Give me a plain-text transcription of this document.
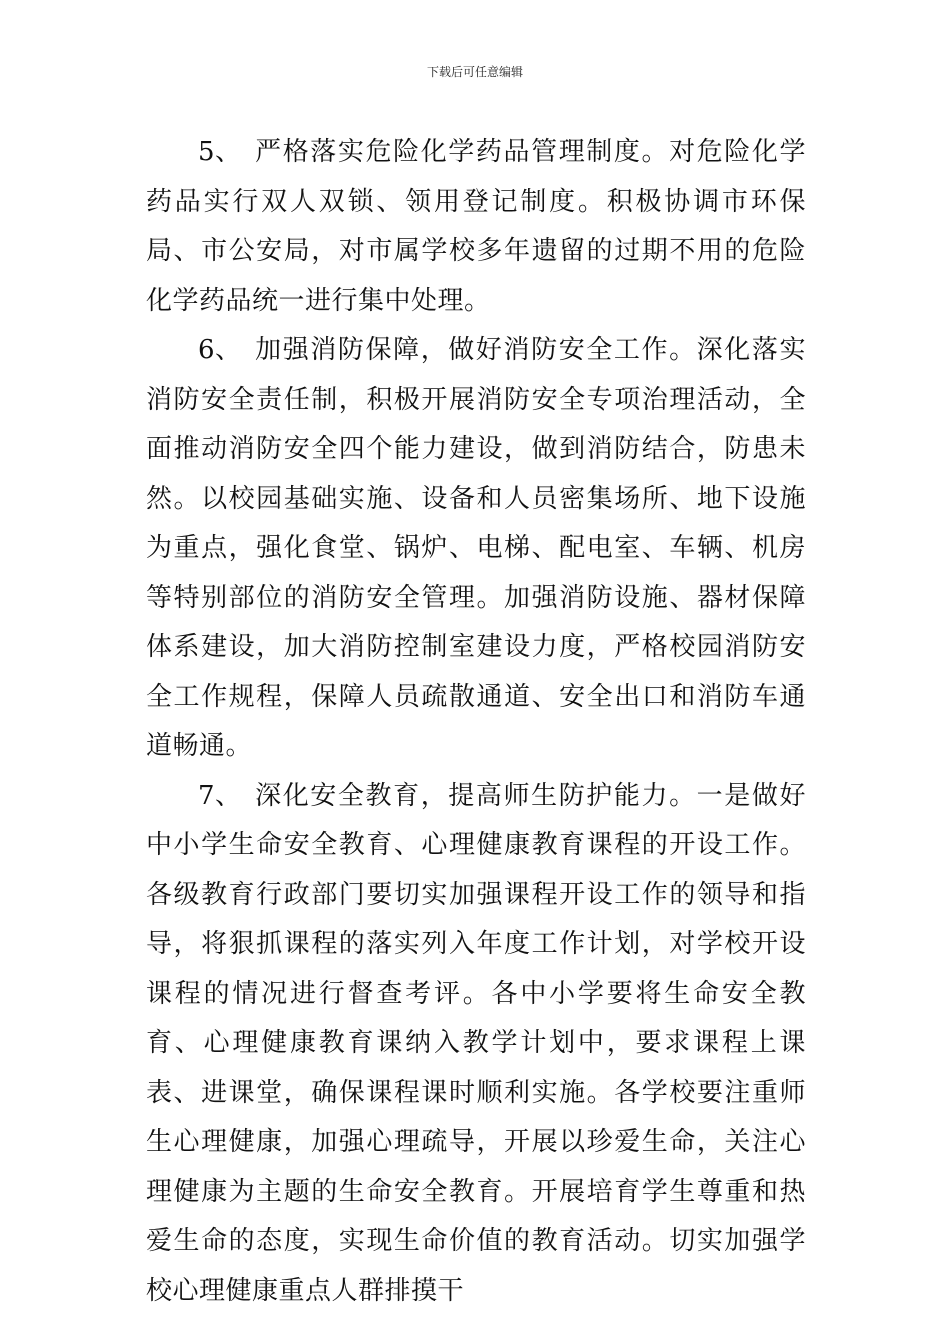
下载后可任意编辑

5、 严格落实危险化学药品管理制度。对危险化学药品实行双人双锁、领用登记制度。积极协调市环保局、市公安局，对市属学校多年遗留的过期不用的危险化学药品统一进行集中处理。

6、 加强消防保障，做好消防安全工作。深化落实消防安全责任制，积极开展消防安全专项治理活动，全面推动消防安全四个能力建设，做到消防结合，防患未然。以校园基础实施、设备和人员密集场所、地下设施为重点，强化食堂、锅炉、电梯、配电室、车辆、机房等特别部位的消防安全管理。加强消防设施、器材保障体系建设，加大消防控制室建设力度，严格校园消防安全工作规程，保障人员疏散通道、安全出口和消防车通道畅通。

7、 深化安全教育，提高师生防护能力。一是做好中小学生命安全教育、心理健康教育课程的开设工作。各级教育行政部门要切实加强课程开设工作的领导和指导，将狠抓课程的落实列入年度工作计划，对学校开设课程的情况进行督查考评。各中小学要将生命安全教育、心理健康教育课纳入教学计划中，要求课程上课表、进课堂，确保课程课时顺利实施。各学校要注重师生心理健康，加强心理疏导，开展以珍爱生命，关注心理健康为主题的生命安全教育。开展培育学生尊重和热爱生命的态度，实现生命价值的教育活动。切实加强学校心理健康重点人群排摸干
